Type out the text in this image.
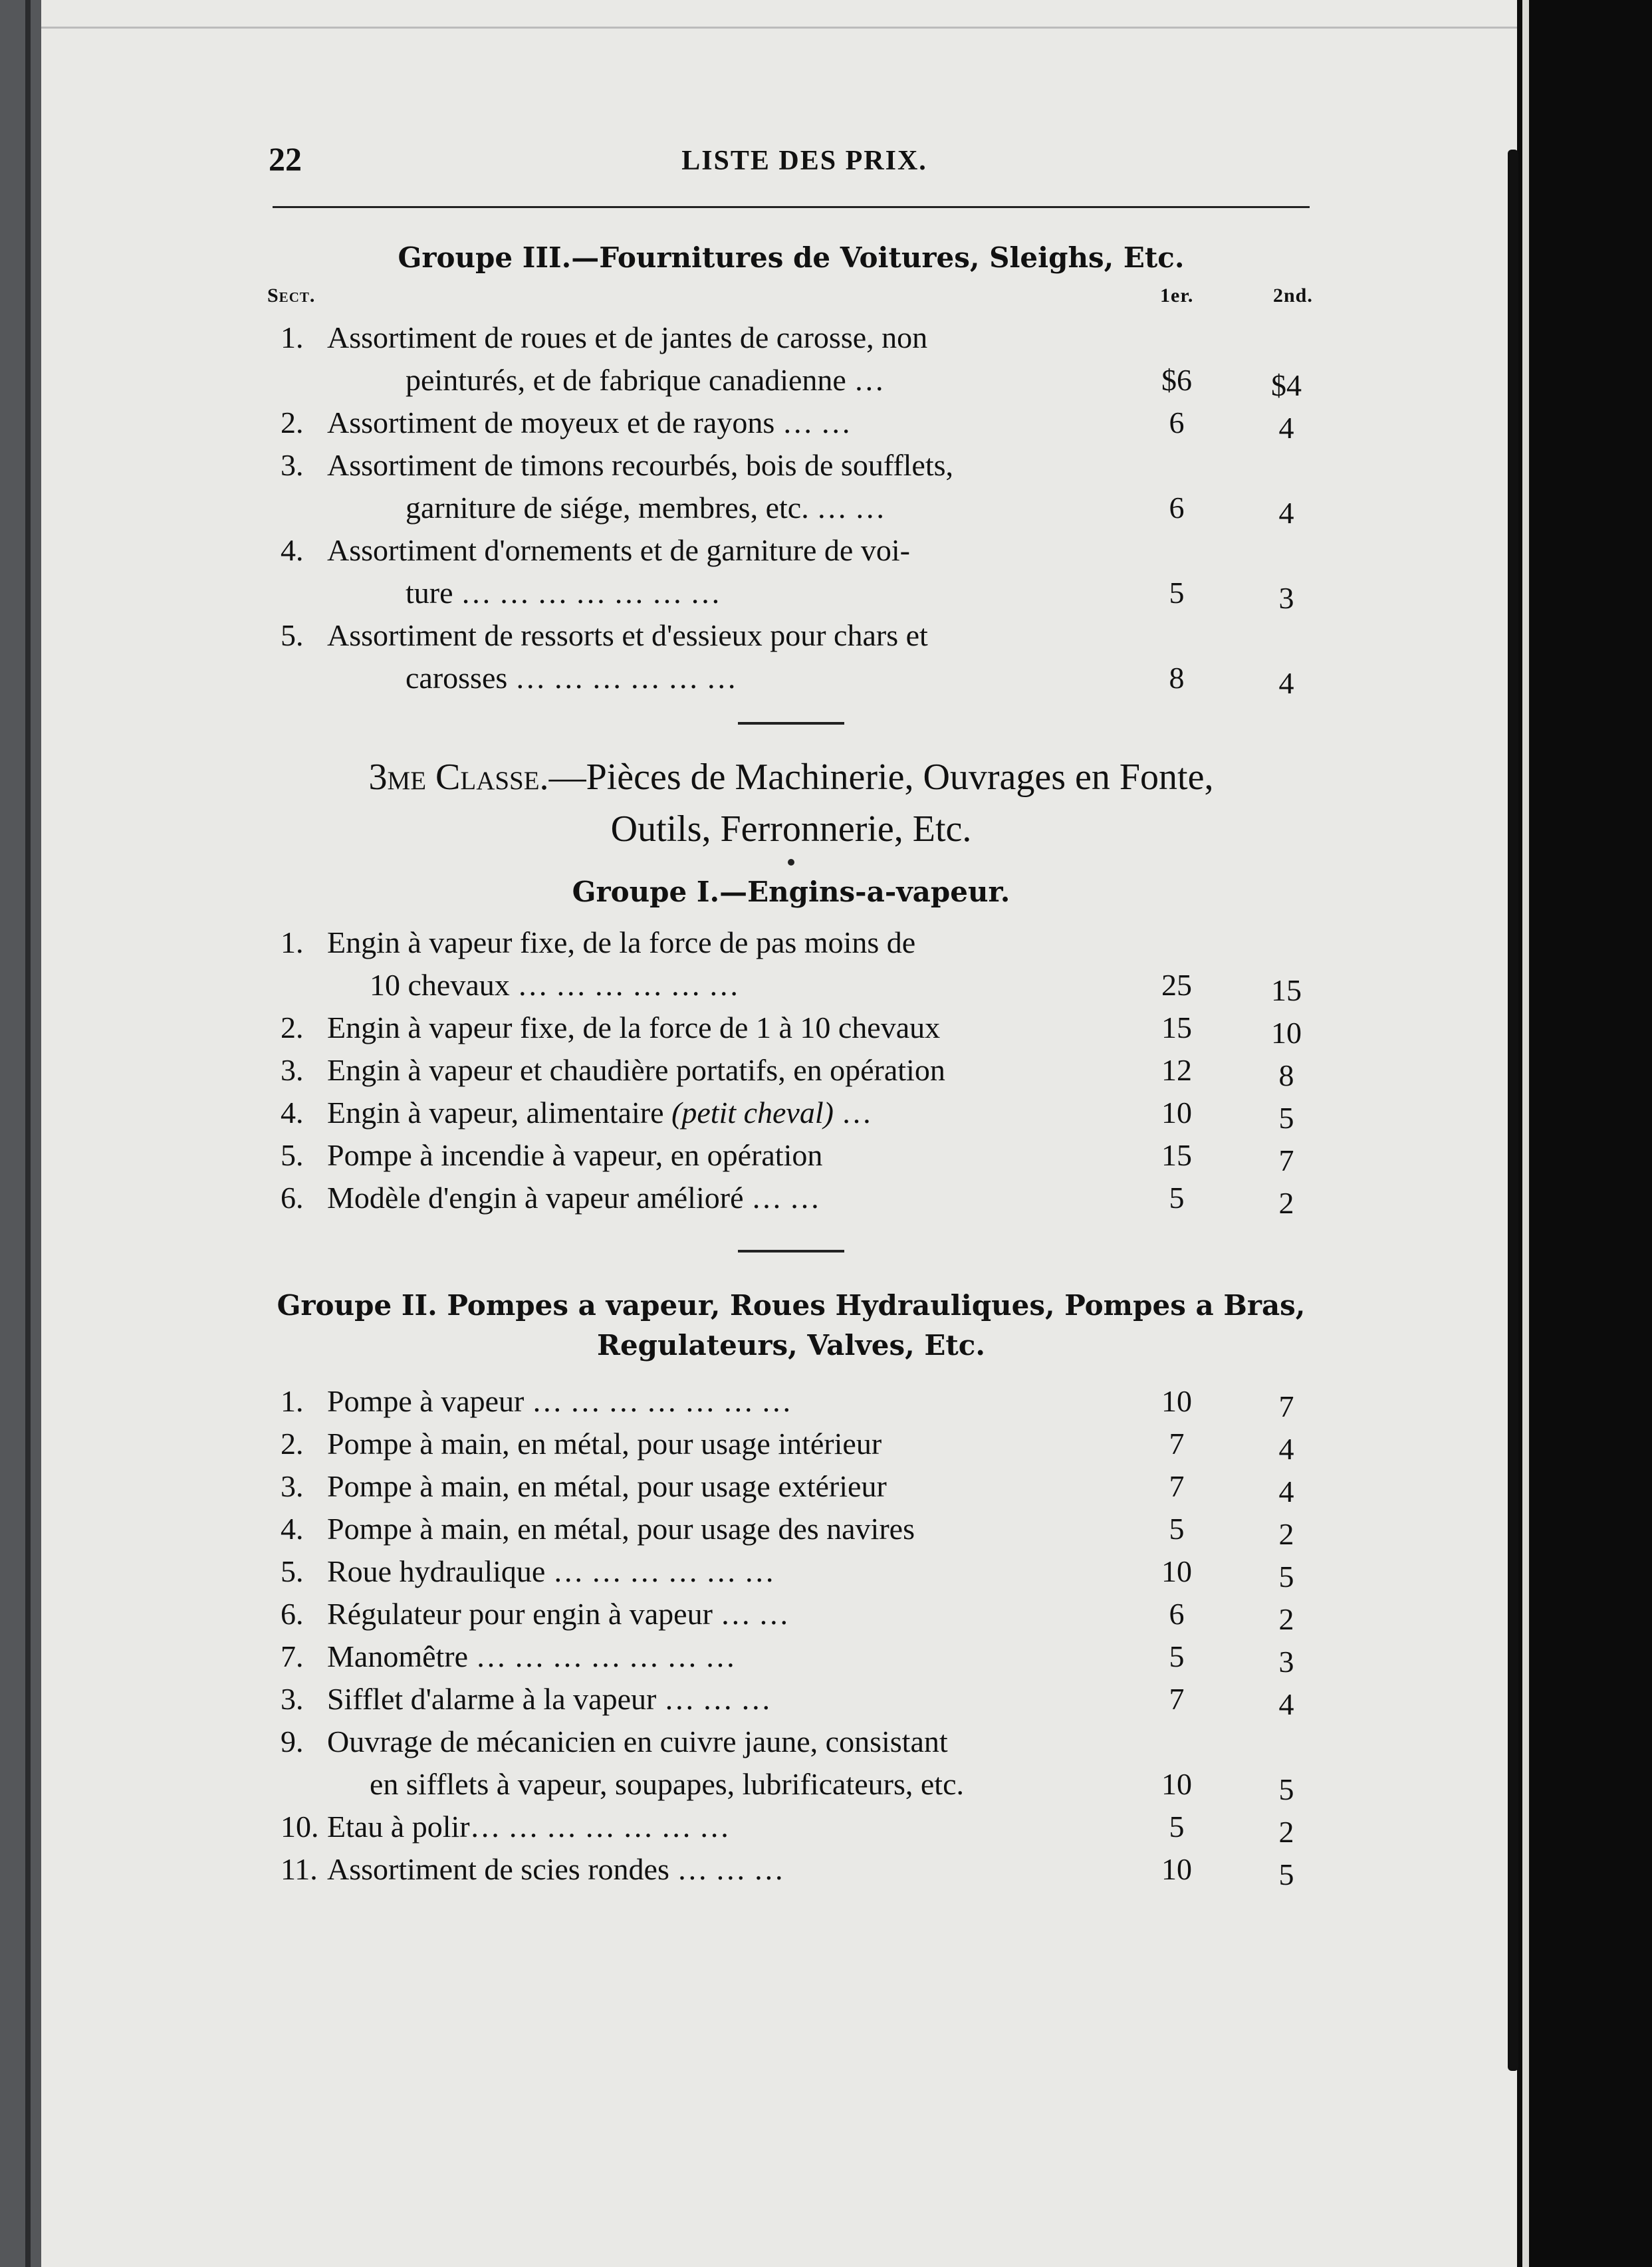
22	LISTE DES PRIX.
Groupe III.—Fournitures de Voitures, Sleighs, Etc.
Sect.	1er.	2nd.
1. Assortiment de roues et de jantes de carosse, non
peinturés, et de fabrique canadienne …	$6	$4
2. Assortiment de moyeux et de rayons … …	6	4
3. Assortiment de timons recourbés, bois de soufflets,
garniture de siége, membres, etc. … …	6	4
4. Assortiment d'ornements et de garniture de voi-
ture … … … … … … …	5	3
5. Assortiment de ressorts et d'essieux pour chars et
carosses … … … … … …	8	4
3me Classe.—Pièces de Machinerie, Ouvrages en Fonte,
Outils, Ferronnerie, Etc.
Groupe I.—Engins-a-vapeur.
1. Engin à vapeur fixe, de la force de pas moins de
10 chevaux … … … … … …	25	15
2. Engin à vapeur fixe, de la force de 1 à 10 chevaux	15	10
3. Engin à vapeur et chaudière portatifs, en opération	12	8
4. Engin à vapeur, alimentaire (petit cheval) …	10	5
5. Pompe à incendie à vapeur, en opération	15	7
6. Modèle d'engin à vapeur amélioré … …	5	2
Groupe II. Pompes a vapeur, Roues Hydrauliques, Pompes a Bras,
Regulateurs, Valves, Etc.
1. Pompe à vapeur … … … … … … …	10	7
2. Pompe à main, en métal, pour usage intérieur	7	4
3. Pompe à main, en métal, pour usage extérieur	7	4
4. Pompe à main, en métal, pour usage des navires	5	2
5. Roue hydraulique … … … … … …	10	5
6. Régulateur pour engin à vapeur … …	6	2
7. Manomêtre … … … … … … …	5	3
3. Sifflet d'alarme à la vapeur … … …	7	4
9. Ouvrage de mécanicien en cuivre jaune, consistant
en sifflets à vapeur, soupapes, lubrificateurs, etc.	10	5
10. Etau à polir… … … … … … …	5	2
11. Assortiment de scies rondes … … …	10	5
